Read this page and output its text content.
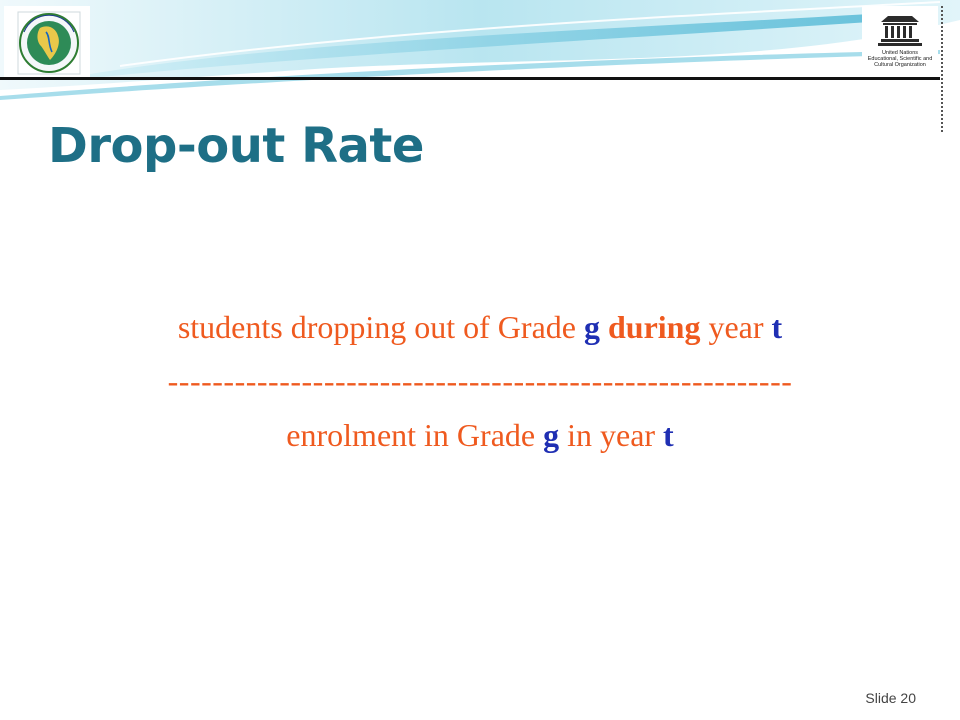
United Nations
Educational, Scientific and
Cultural Organization
Drop-out Rate
students dropping out of Grade g during year t
--------------------------------------------------------
enrolment in Grade g in year t
Slide 20
